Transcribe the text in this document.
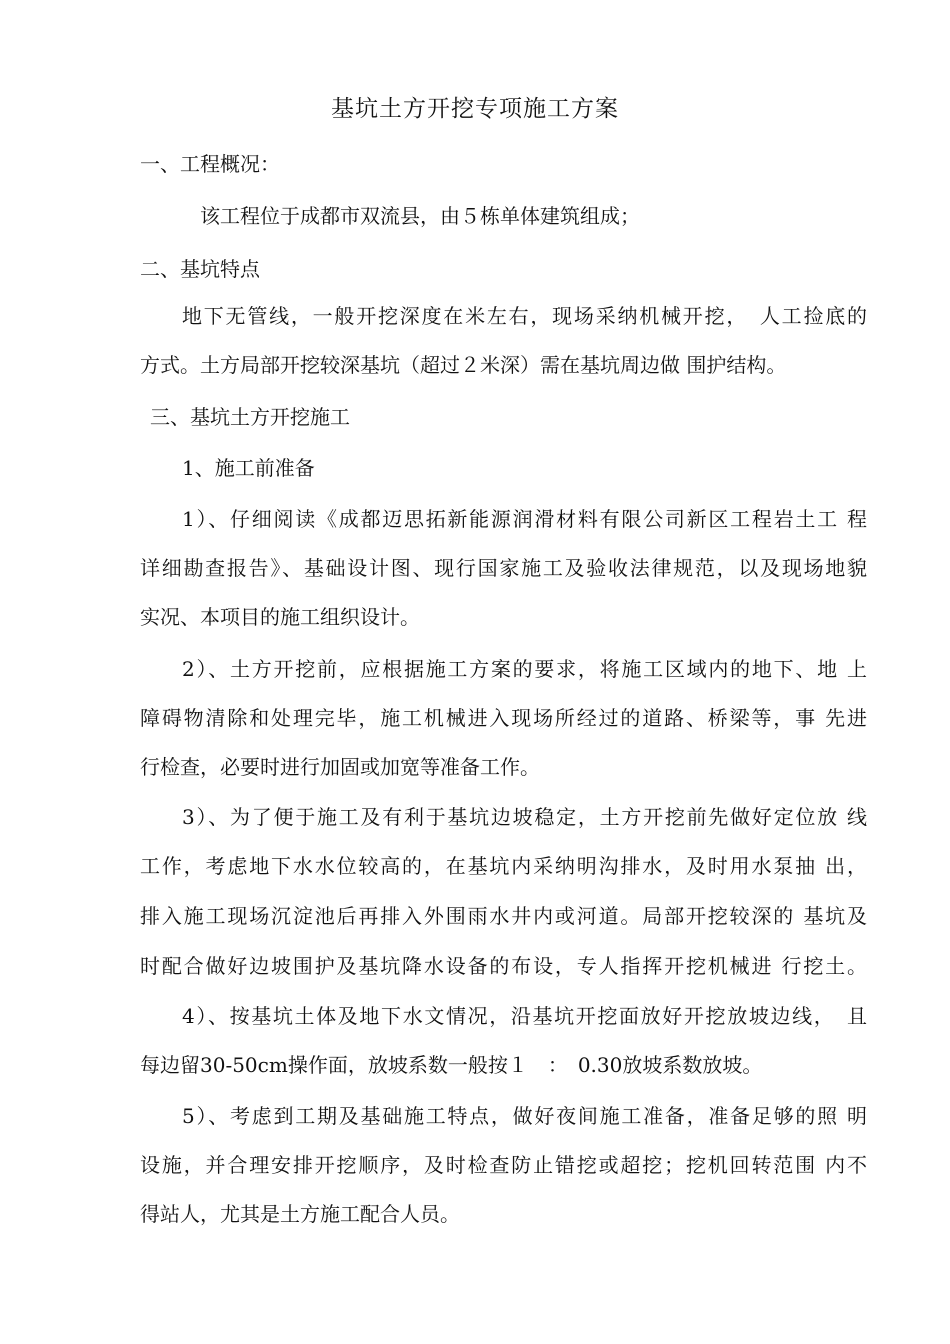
基坑土方开挖专项施工方案
一、工程概况：
该工程位于成都市双流县，由５栋单体建筑组成；
二、基坑特点
地下无管线，一般开挖深度在米左右，现场采纳机械开挖，　人工捡底的
方式。土方局部开挖较深基坑（超过２米深）需在基坑周边做 围护结构。
三、基坑土方开挖施工
1、施工前准备
1）、仔细阅读《成都迈思拓新能源润滑材料有限公司新区工程岩土工 程
详细勘查报告》、基础设计图、现行国家施工及验收法律规范，以及现场地貌
实况、本项目的施工组织设计。
2）、土方开挖前，应根据施工方案的要求，将施工区域内的地下、地 上
障碍物清除和处理完毕，施工机械进入现场所经过的道路、桥梁等，事 先进
行检查，必要时进行加固或加宽等准备工作。
3）、为了便于施工及有利于基坑边坡稳定，土方开挖前先做好定位放 线
工作，考虑地下水水位较高的，在基坑内采纳明沟排水，及时用水泵抽 出，
排入施工现场沉淀池后再排入外围雨水井内或河道。局部开挖较深的 基坑及
时配合做好边坡围护及基坑降水设备的布设，专人指挥开挖机械进 行挖土。
4）、按基坑土体及地下水文情况，沿基坑开挖面放好开挖放坡边线，　且
每边留30-50cm操作面，放坡系数一般按１　：　0.30放坡系数放坡。
5）、考虑到工期及基础施工特点，做好夜间施工准备，准备足够的照 明
设施，并合理安排开挖顺序，及时检查防止错挖或超挖；挖机回转范围 内不
得站人，尤其是土方施工配合人员。
